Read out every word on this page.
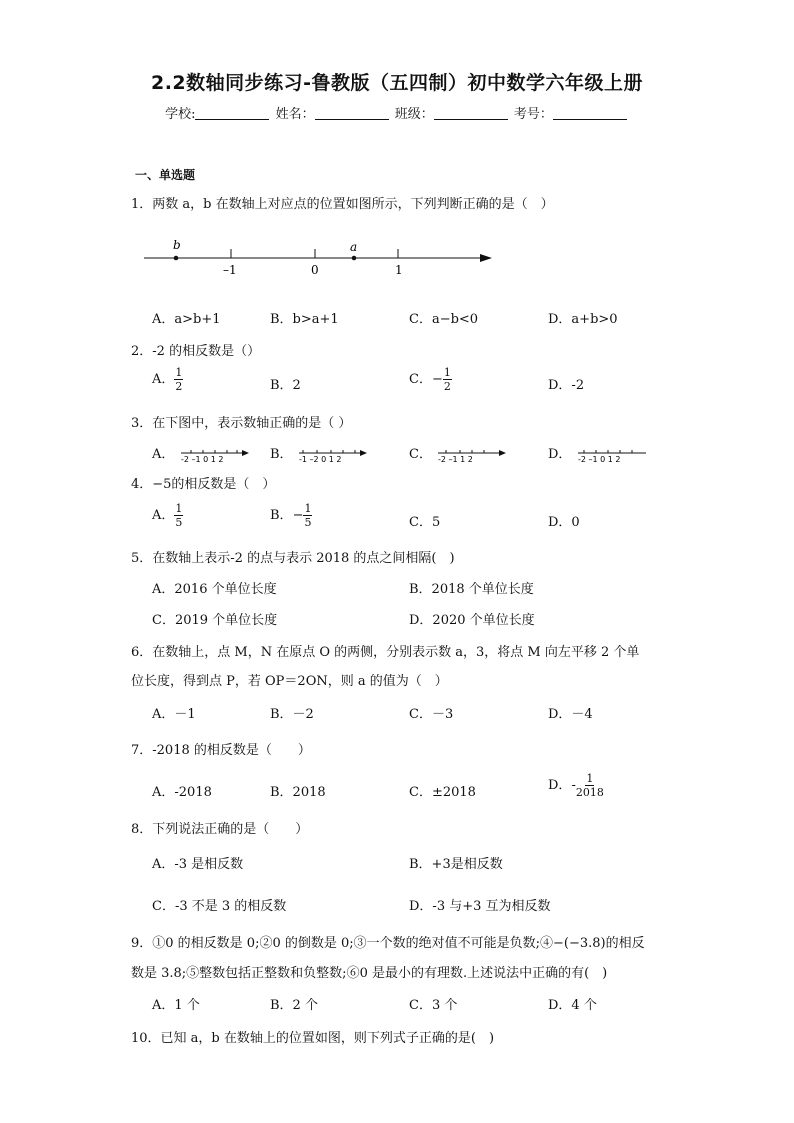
2.2数轴同步练习-鲁教版（五四制）初中数学六年级上册
学校:	姓名：	班级：	考号：
一、单选题
1．两数 a，b 在数轴上对应点的位置如图所示，下列判断正确的是（　）
b	a
–1	0	1
A．a>b+1	B．b>a+1	C．a−b<0	D．a+b>0
2．-2 的相反数是（）
A． $\frac{1}{2}$	B．2	C．− $\frac{1}{2}$	D．-2
3．在下图中，表示数轴正确的是（ ）
A． -2 –1 0 1 2	B． -1 –2 0 1 2	C． -2 –1 1 2	D． -2 –1 0 1 2
4．−5的相反数是（　）
A． $\frac{1}{5}$	B．− $\frac{1}{5}$	C．5	D．0
5．在数轴上表示-2 的点与表示 2018 的点之间相隔(　)
A．2016 个单位长度	B．2018 个单位长度
C．2019 个单位长度	D．2020 个单位长度
6．在数轴上，点 M，N 在原点 O 的两侧，分别表示数 a，3，将点 M 向左平移 2 个单
位长度，得到点 P，若 OP＝2ON，则 a 的值为（　）
A．－1	B．－2	C．－3	D．－4
7．-2018 的相反数是（　　）
A．-2018	B．2018	C．±2018	D．- $\frac{1}{2018}$
8．下列说法正确的是（　　）
A．-3 是相反数	B．+3是相反数
C．-3 不是 3 的相反数	D．-3 与+3 互为相反数
9．①0 的相反数是 0;②0 的倒数是 0;③一个数的绝对值不可能是负数;④−(−3.8)的相反
数是 3.8;⑤整数包括正整数和负整数;⑥0 是最小的有理数.上述说法中正确的有(　)
A．1 个	B．2 个	C．3 个	D．4 个
10．已知 a，b 在数轴上的位置如图，则下列式子正确的是(　)
